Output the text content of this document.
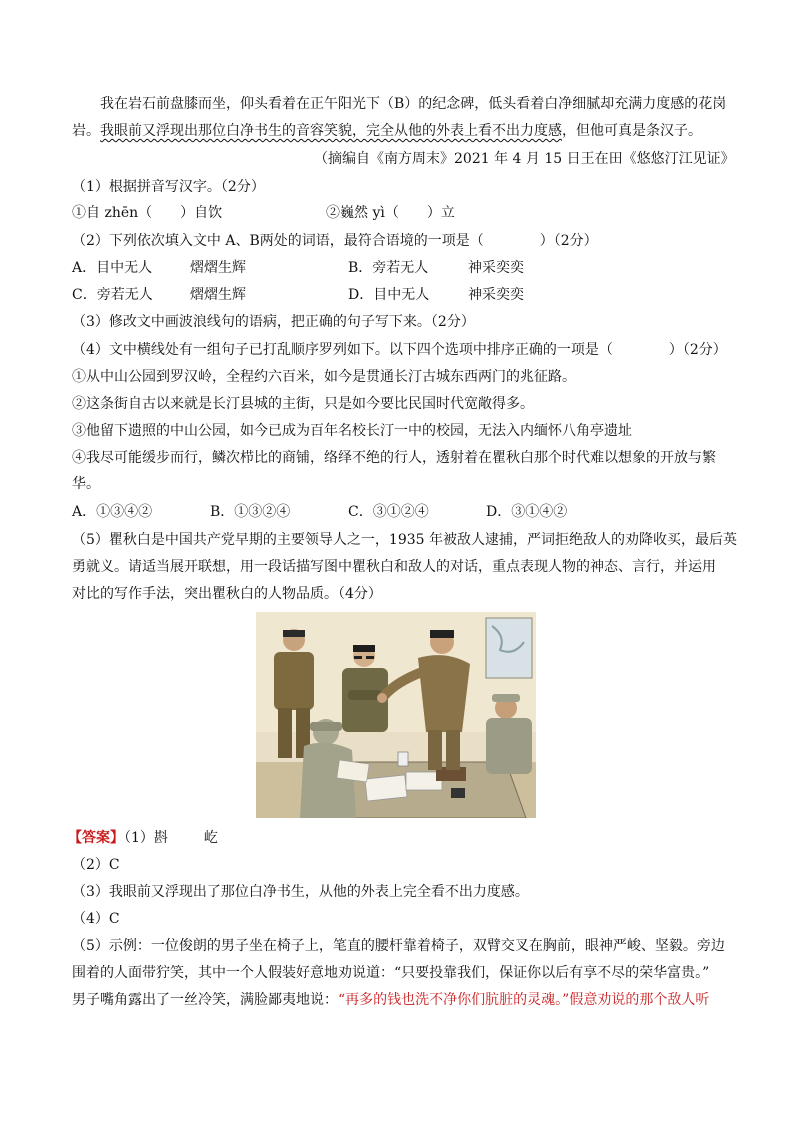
我在岩石前盘膝而坐，仰头看着在正午阳光下（B）的纪念碑，低头看着白净细腻却充满力度感的花岗
岩。我眼前又浮现出那位白净书生的音容笑貌，完全从他的外表上看不出力度感，但他可真是条汉子。
（摘编自《南方周末》2021 年 4 月 15 日王在田《悠悠汀江见证》
（1）根据拼音写汉字。（2分）
①自 zhēn（　　）自饮	②巍然 yì（　　）立
（2）下列依次填入文中 A、B两处的词语，最符合语境的一项是（　　　　）（2分）
A．目中无人	熠熠生辉	B．旁若无人	神采奕奕
C．旁若无人	熠熠生辉	D．目中无人	神采奕奕
（3）修改文中画波浪线句的语病，把正确的句子写下来。（2分）
（4）文中横线处有一组句子已打乱顺序罗列如下。以下四个选项中排序正确的一项是（　　　　）（2分）
①从中山公园到罗汉岭，全程约六百米，如今是贯通长汀古城东西两门的兆征路。
②这条街自古以来就是长汀县城的主街，只是如今要比民国时代宽敞得多。
③他留下遗照的中山公园，如今已成为百年名校长汀一中的校园，无法入内缅怀八角亭遗址
④我尽可能缓步而行，鳞次栉比的商铺，络绎不绝的行人，透射着在瞿秋白那个时代难以想象的开放与繁
华。
A．①③④②	B．①③②④	C．③①②④	D．③①④②
（5）瞿秋白是中国共产党早期的主要领导人之一，1935 年被敌人逮捕，严词拒绝敌人的劝降收买，最后英
勇就义。请适当展开联想，用一段话描写图中瞿秋白和敌人的对话，重点表现人物的神态、言行，并运用
对比的写作手法，突出瞿秋白的人物品质。（4分）
【答案】（1）斟	屹
（2）C
（3）我眼前又浮现出了那位白净书生，从他的外表上完全看不出力度感。
（4）C
（5）示例：一位俊朗的男子坐在椅子上，笔直的腰杆靠着椅子，双臂交叉在胸前，眼神严峻、坚毅。旁边
围着的人面带狞笑，其中一个人假装好意地劝说道：“只要投靠我们，保证你以后有享不尽的荣华富贵。”
男子嘴角露出了一丝冷笑，满脸鄙夷地说：“再多的钱也洗不净你们肮脏的灵魂。”假意劝说的那个敌人听
